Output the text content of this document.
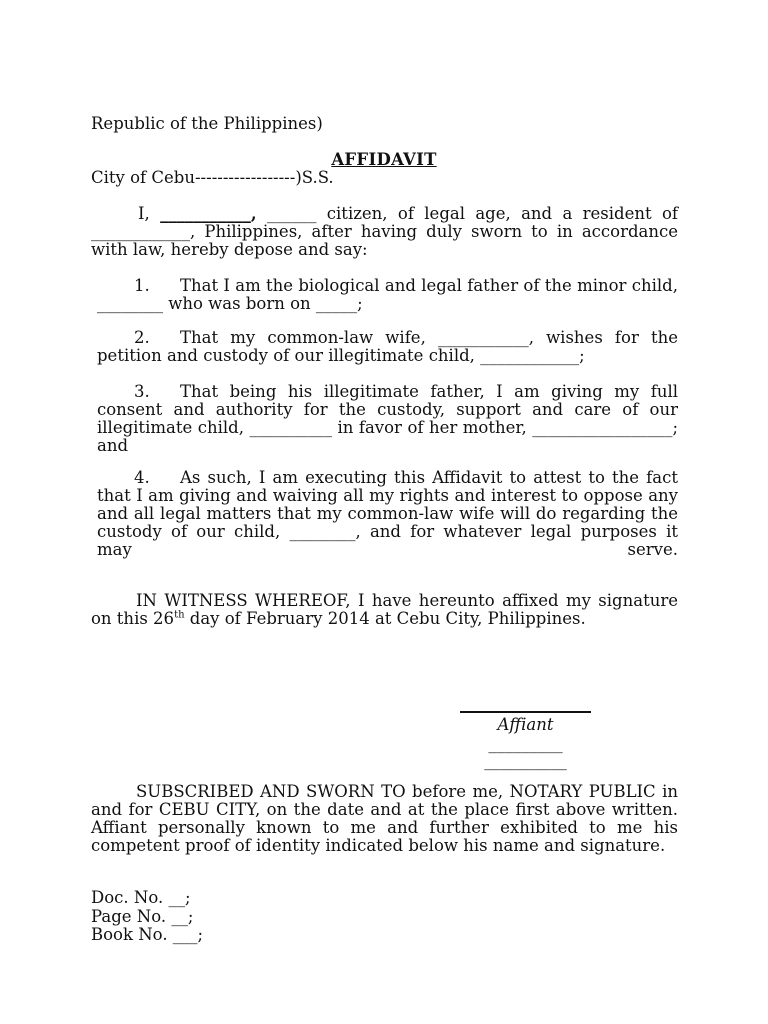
Republic of the Philippines)

City of Cebu------------------)S.S.

AFFIDAVIT
I, ___________, ______ citizen, of legal age, and a resident of ____________, Philippines, after having duly sworn to in accordance with law, hereby depose and say:
1. That I am the biological and legal father of the minor child, ________ who was born on _____;
2. That my common-law wife, ___________, wishes for the petition and custody of our illegitimate child, ____________;
3. That being his illegitimate father, I am giving my full consent and authority for the custody, support and care of our illegitimate child, __________ in favor of her mother, _________________; and
4. As such, I am executing this Affidavit to attest to the fact that I am giving and waiving all my rights and interest to oppose any and all legal matters that my common-law wife will do regarding the custody of our child, ________, and for whatever legal purposes it may serve.
IN WITNESS WHEREOF, I have hereunto affixed my signature on this 26th day of February 2014 at Cebu City, Philippines.
Affiant
_________
__________
SUBSCRIBED AND SWORN TO before me, NOTARY PUBLIC in and for CEBU CITY, on the date and at the place first above written. Affiant personally known to me and further exhibited to me his competent proof of identity indicated below his name and signature.
Doc. No. __;
Page No. __;
Book No. ___;
